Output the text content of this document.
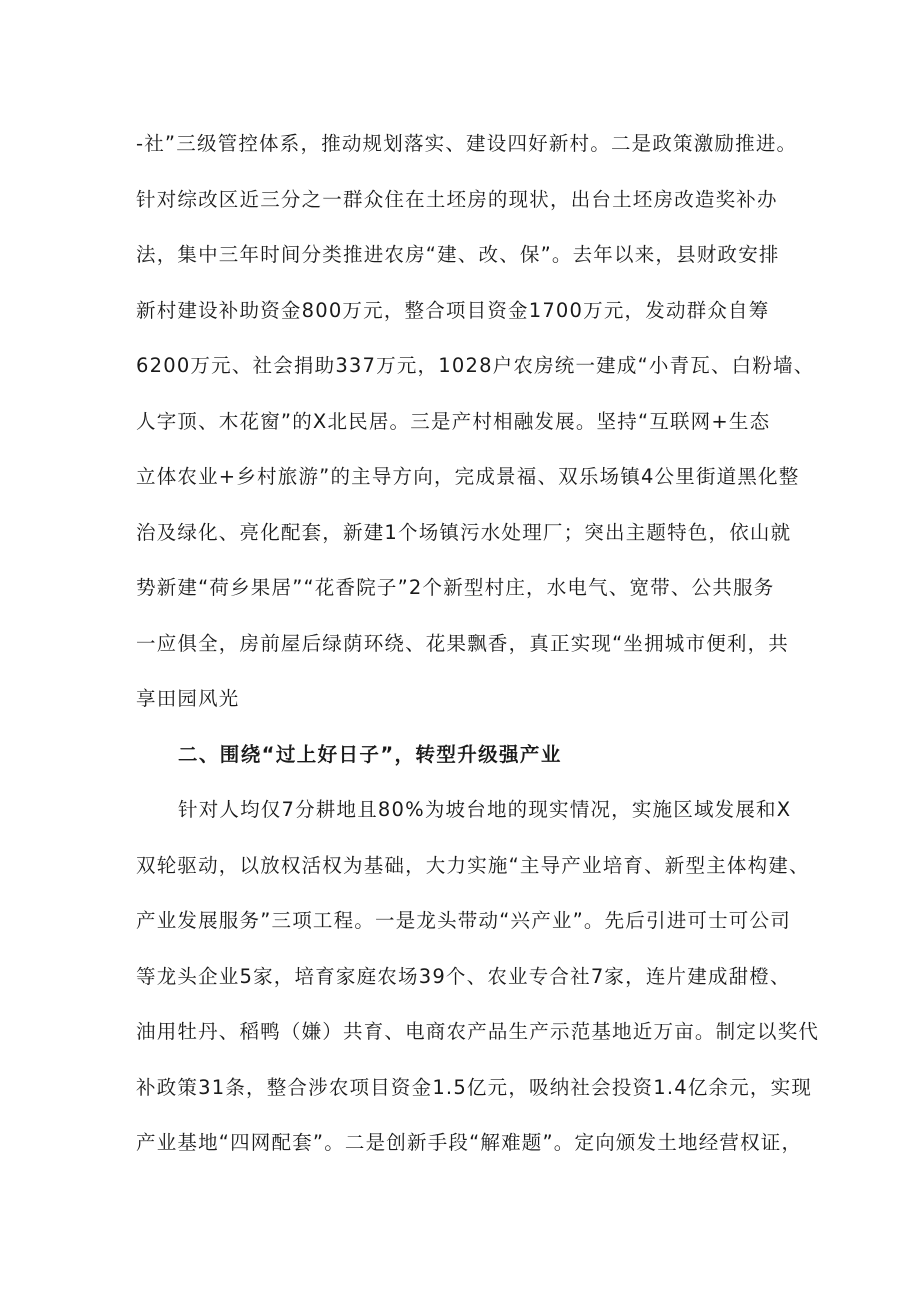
-社”三级管控体系，推动规划落实、建设四好新村。二是政策激励推进。
针对综改区近三分之一群众住在土坯房的现状，出台土坯房改造奖补办
法，集中三年时间分类推进农房“建、改、保”。去年以来，县财政安排
新村建设补助资金800万元，整合项目资金1700万元，发动群众自筹
6200万元、社会捐助337万元，1028户农房统一建成“小青瓦、白粉墙、
人字顶、木花窗”的X北民居。三是产村相融发展。坚持“互联网+生态
立体农业+乡村旅游”的主导方向，完成景福、双乐场镇4公里街道黑化整
治及绿化、亮化配套，新建1个场镇污水处理厂；突出主题特色，依山就
势新建“荷乡果居”“花香院子”2个新型村庄，水电气、宽带、公共服务
一应俱全，房前屋后绿荫环绕、花果飘香，真正实现“坐拥城市便利，共
享田园风光
二、围绕“过上好日子”，转型升级强产业
针对人均仅7分耕地且80%为坡台地的现实情况，实施区域发展和X
双轮驱动，以放权活权为基础，大力实施“主导产业培育、新型主体构建、
产业发展服务”三项工程。一是龙头带动“兴产业”。先后引进可士可公司
等龙头企业5家，培育家庭农场39个、农业专合社7家，连片建成甜橙、
油用牡丹、稻鸭（嫌）共育、电商农产品生产示范基地近万亩。制定以奖代
补政策31条，整合涉农项目资金1.5亿元，吸纳社会投资1.4亿余元，实现
产业基地“四网配套”。二是创新手段“解难题”。定向颁发土地经营权证，
